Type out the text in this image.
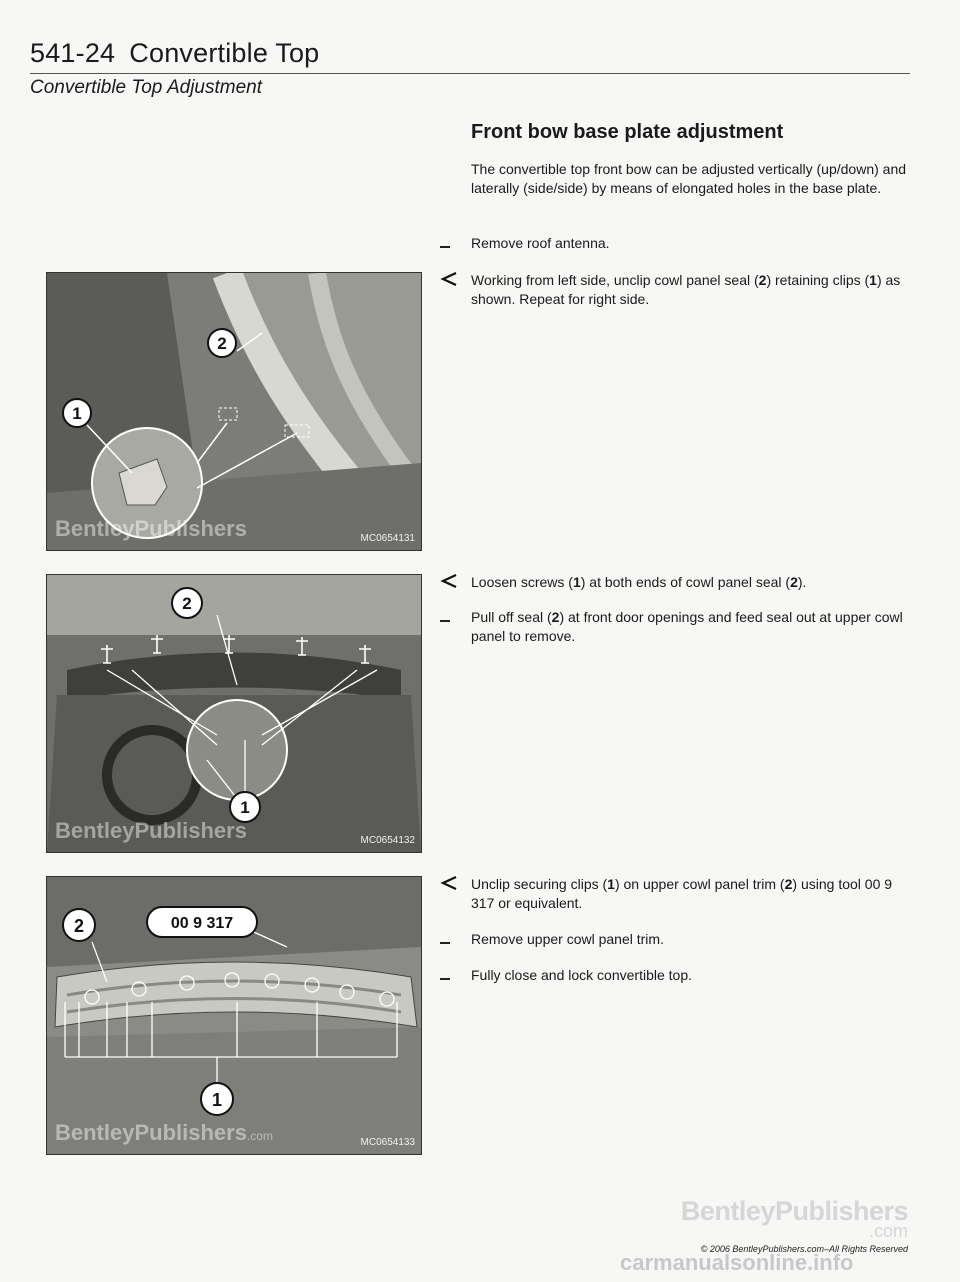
541-24 Convertible Top
Convertible Top Adjustment
Front bow base plate adjustment

The convertible top front bow can be adjusted vertically (up/down) and laterally (side/side) by means of elongated holes in the base plate.

Remove roof antenna.
Working from left side, unclip cowl panel seal (2) retaining clips (1) as shown. Repeat for right side.
Loosen screws (1) at both ends of cowl panel seal (2).
Pull off seal (2) at front door openings and feed seal out at upper cowl panel to remove.
Unclip securing clips (1) on upper cowl panel trim (2) using tool 00 9 317 or equivalent.
Remove upper cowl panel trim.
Fully close and lock convertible top.
1
2
BentleyPublishers	MC0654131
2
1
BentleyPublishers	MC0654132
2	00 9 317
1
BentleyPublishers.com	MC0654133
BentleyPublishers
.com
© 2006 BentleyPublishers.com–All Rights Reserved
carmanualsonline.info
